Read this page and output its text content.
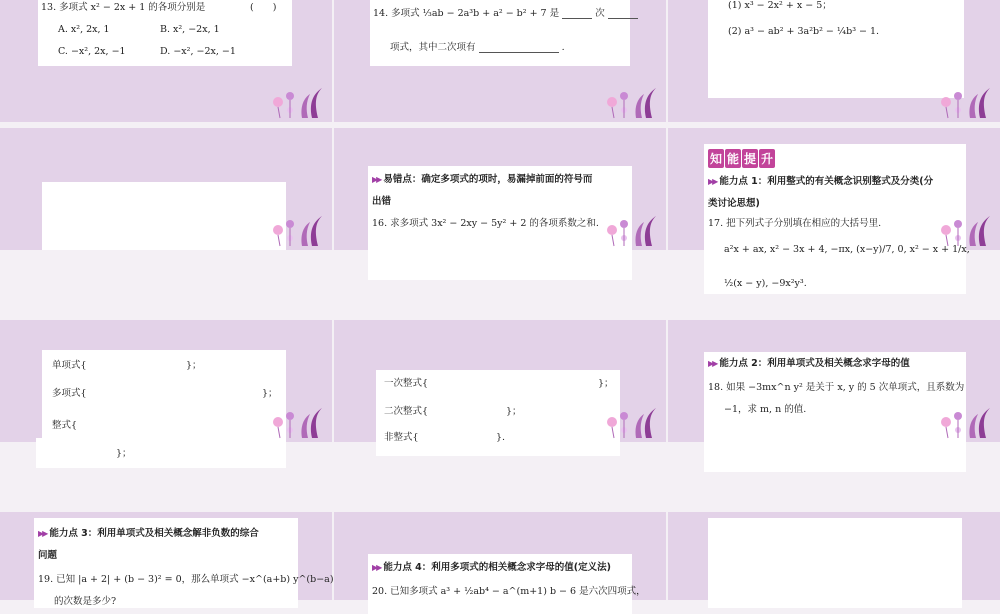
13. 多项式 x² − 2x + 1 的各项分别是	(　　)
A. x², 2x, 1	B. x², −2x, 1
C. −x², 2x, −1	D. −x², −2x, −1
14. 多项式 ⅓ab − 2a³b + a² − b² + 7 是	次
项式，其中二次项有	.
(1) x³ − 2x² + x − 5；
(2) a³ − ab² + 3a²b² − ¼b³ − 1.
▶▶ 易错点：确定多项式的项时，易漏掉前面的符号而
出错
16. 求多项式 3x² − 2xy − 5y² + 2 的各项系数之和.
知 能 提 升
▶▶ 能力点 1：利用整式的有关概念识别整式及分类(分
类讨论思想)
17. 把下列式子分别填在相应的大括号里.
a²x + ax, x² − 3x + 4, −πx, (x−y)/7, 0, x² − x + 1/x,
½(x − y), −9x²y³.
单项式{	}；
多项式{	}；
整式{
}；
一次整式{	}；
二次整式{	}；
非整式{	}.
▶▶ 能力点 2：利用单项式及相关概念求字母的值
18. 如果 −3mx^n y² 是关于 x, y 的 5 次单项式，且系数为
−1，求 m, n 的值.
▶▶ 能力点 3：利用单项式及相关概念解非负数的综合
问题
19. 已知 |a + 2| + (b − 3)² = 0，那么单项式 −x^(a+b) y^(b−a)
的次数是多少?
▶▶ 能力点 4：利用多项式的相关概念求字母的值(定义法)
20. 已知多项式 a³ + ½ab⁴ − a^(m+1) b − 6 是六次四项式，
